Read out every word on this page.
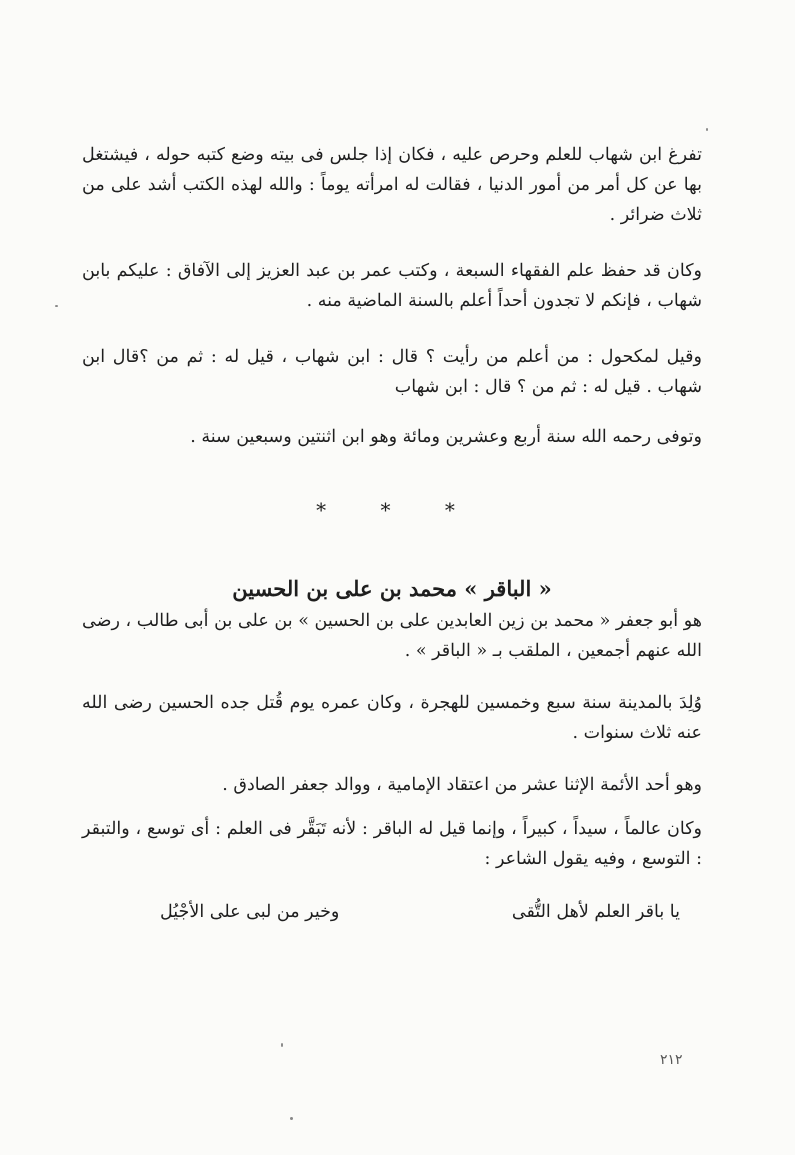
تفرغ ابن شهاب للعلم وحرص عليه ، فكان إذا جلس فى بيته وضع كتبه حوله ، فيشتغل بها عن كل أمر من أمور الدنيا ، فقالت له امرأته يوماً : والله لهذه الكتب أشد على من ثلاث ضرائر .

وكان قد حفظ علم الفقهاء السبعة ، وكتب عمر بن عبد العزيز إلى الآفاق : عليكم بابن شهاب ، فإنكم لا تجدون أحداً أعلم بالسنة الماضية منه .

وقيل لمكحول : من أعلم من رأيت ؟ قال : ابن شهاب ، قيل له : ثم من ؟قال ابن شهاب . قيل له : ثم من ؟ قال : ابن شهاب

وتوفى رحمه الله سنة أربع وعشرين ومائة وهو ابن اثنتين وسبعين سنة .

* * *
« الباقر » محمد بن على بن الحسين

هو أبو جعفر « محمد بن زين العابدين على بن الحسين » بن على بن أبى طالب ، رضى الله عنهم أجمعين ، الملقب بـ « الباقر » .

وُلِدَ بالمدينة سنة سبع وخمسين للهجرة ، وكان عمره يوم قُتل جده الحسين رضى الله عنه ثلاث سنوات .

وهو أحد الأئمة الإثنا عشر من اعتقاد الإمامية ، ووالد جعفر الصادق .

وكان عالماً ، سيداً ، كبيراً ، وإنما قيل له الباقر : لأنه تَبَقَّر فى العلم : أى توسع ، والتبقر : التوسع ، وفيه يقول الشاعر :

يا باقر العلم لأهل التُّقى
وخير من لبى على الأجْيُل
٢١٢
